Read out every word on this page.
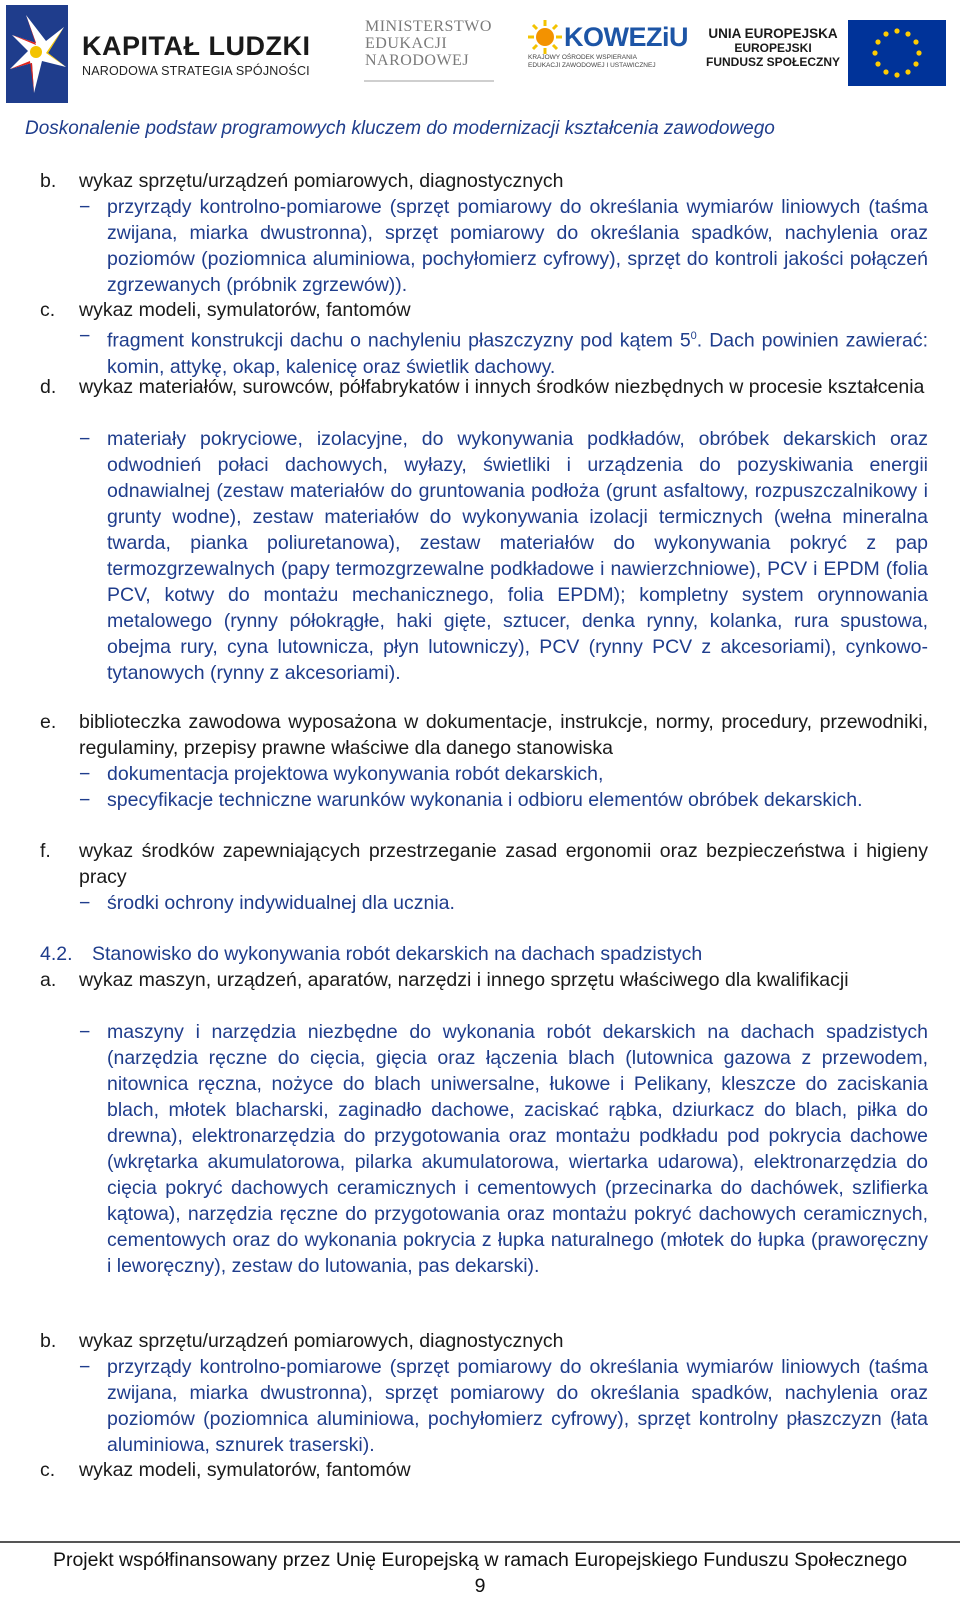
KAPITAŁ LUDZKI
NARODOWA STRATEGIA SPÓJNOŚCI
MINISTERSTWO
EDUKACJI
NARODOWEJ
KOWEZiU
KRAJOWY OŚRODEK WSPIERANIA
EDUKACJI ZAWODOWEJ I USTAWICZNEJ
UNIA EUROPEJSKA
EUROPEJSKI
FUNDUSZ SPOŁECZNY
Doskonalenie podstaw programowych kluczem do modernizacji kształcenia zawodowego
b. wykaz sprzętu/urządzeń pomiarowych, diagnostycznych
− przyrządy kontrolno-pomiarowe (sprzęt pomiarowy do określania wymiarów liniowych (taśma zwijana, miarka dwustronna), sprzęt pomiarowy do określania spadków, nachylenia oraz poziomów (poziomnica aluminiowa, pochyłomierz cyfrowy), sprzęt do kontroli jakości połączeń zgrzewanych (próbnik zgrzewów)).
c. wykaz modeli, symulatorów, fantomów
− fragment konstrukcji dachu o nachyleniu płaszczyzny pod kątem $5^0$. Dach powinien zawierać: komin, attykę, okap, kalenicę oraz świetlik dachowy.
d. wykaz materiałów, surowców, półfabrykatów i innych środków niezbędnych w procesie kształcenia
− materiały pokryciowe, izolacyjne, do wykonywania podkładów, obróbek dekarskich oraz odwodnień połaci dachowych, wyłazy, świetliki i urządzenia do pozyskiwania energii odnawialnej (zestaw materiałów do gruntowania podłoża (grunt asfaltowy, rozpuszczalnikowy i grunty wodne), zestaw materiałów do wykonywania izolacji termicznych (wełna mineralna twarda, pianka poliuretanowa), zestaw materiałów do wykonywania pokryć z pap termozgrzewalnych (papy termozgrzewalne podkładowe i nawierzchniowe), PCV i EPDM (folia PCV, kotwy do montażu mechanicznego, folia EPDM); kompletny system orynnowania metalowego (rynny półokrągłe, haki gięte, sztucer, denka rynny, kolanka, rura spustowa, obejma rury, cyna lutownicza, płyn lutowniczy), PCV (rynny PCV z akcesoriami), cynkowo-tytanowych (rynny z akcesoriami).
e. biblioteczka zawodowa wyposażona w dokumentacje, instrukcje, normy, procedury, przewodniki, regulaminy, przepisy prawne właściwe dla danego stanowiska
− dokumentacja projektowa wykonywania robót dekarskich,
− specyfikacje techniczne warunków wykonania i odbioru elementów obróbek dekarskich.
f. wykaz środków zapewniających przestrzeganie zasad ergonomii oraz bezpieczeństwa i higieny pracy
− środki ochrony indywidualnej dla ucznia.
4.2. Stanowisko do wykonywania robót dekarskich na dachach spadzistych
a. wykaz maszyn, urządzeń, aparatów, narzędzi i innego sprzętu właściwego dla kwalifikacji
− maszyny i narzędzia niezbędne do wykonania robót dekarskich na dachach spadzistych (narzędzia ręczne do cięcia, gięcia oraz łączenia blach (lutownica gazowa z przewodem, nitownica ręczna, nożyce do blach uniwersalne, łukowe i Pelikany, kleszcze do zaciskania blach, młotek blacharski, zaginadło dachowe, zaciskać rąbka, dziurkacz do blach, piłka do drewna), elektronarzędzia do przygotowania oraz montażu podkładu pod pokrycia dachowe (wkrętarka akumulatorowa, pilarka akumulatorowa, wiertarka udarowa), elektronarzędzia do cięcia pokryć dachowych ceramicznych i cementowych (przecinarka do dachówek, szlifierka kątowa), narzędzia ręczne do przygotowania oraz montażu pokryć dachowych ceramicznych, cementowych oraz do wykonania pokrycia z łupka naturalnego (młotek do łupka (praworęczny i leworęczny), zestaw do lutowania, pas dekarski).
b. wykaz sprzętu/urządzeń pomiarowych, diagnostycznych
− przyrządy kontrolno-pomiarowe (sprzęt pomiarowy do określania wymiarów liniowych (taśma zwijana, miarka dwustronna), sprzęt pomiarowy do określania spadków, nachylenia oraz poziomów (poziomnica aluminiowa, pochyłomierz cyfrowy), sprzęt kontrolny płaszczyzn (łata aluminiowa, sznurek traserski).
c. wykaz modeli, symulatorów, fantomów
Projekt współfinansowany przez Unię Europejską w ramach Europejskiego Funduszu Społecznego
9
